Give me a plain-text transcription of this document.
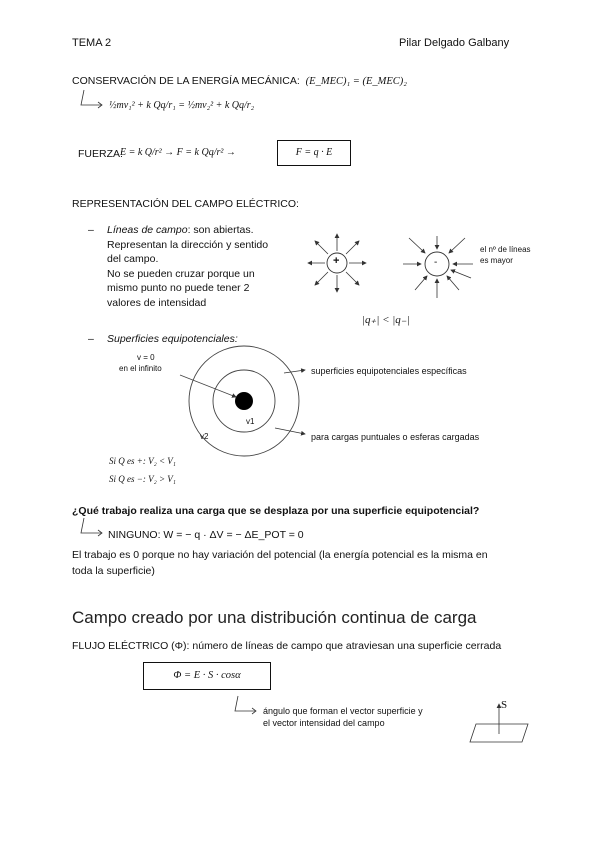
TEMA 2	Pilar Delgado Galbany
CONSERVACIÓN DE LA ENERGÍA MECÁNICA: (E_MEC)₁ = (E_MEC)₂
½mv₁² + k Qq/r₁ = ½mv₂² + k Qq/r₂
FUERZA:
E = k Q/r² → F = k Qq/r² →	F = q · E
REPRESENTACIÓN DEL CAMPO ELÉCTRICO:
– Líneas de campo: son abiertas.
Representan la dirección y sentido
del campo.
No se pueden cruzar porque un
mismo punto no puede tener 2
valores de intensidad
+	-
el nº de líneas
es mayor
|q₊| < |q₋|
– Superficies equipotenciales:
v = 0
en el infinito
v1
v2
superficies equipotenciales específicas
para cargas puntuales o esferas cargadas
Si Q es +: V₂ < V₁
Si Q es −: V₂ > V₁
¿Qué trabajo realiza una carga que se desplaza por una superficie equipotencial?
NINGUNO: W = − q · ΔV = − ΔE_POT = 0
El trabajo es 0 porque no hay variación del potencial (la energía potencial es la misma en
toda la superficie)
Campo creado por una distribución continua de carga
FLUJO ELÉCTRICO (Φ): número de líneas de campo que atraviesan una superficie cerrada
Φ = E · S · cosα
ángulo que forman el vector superficie y
el vector intensidad del campo
S
